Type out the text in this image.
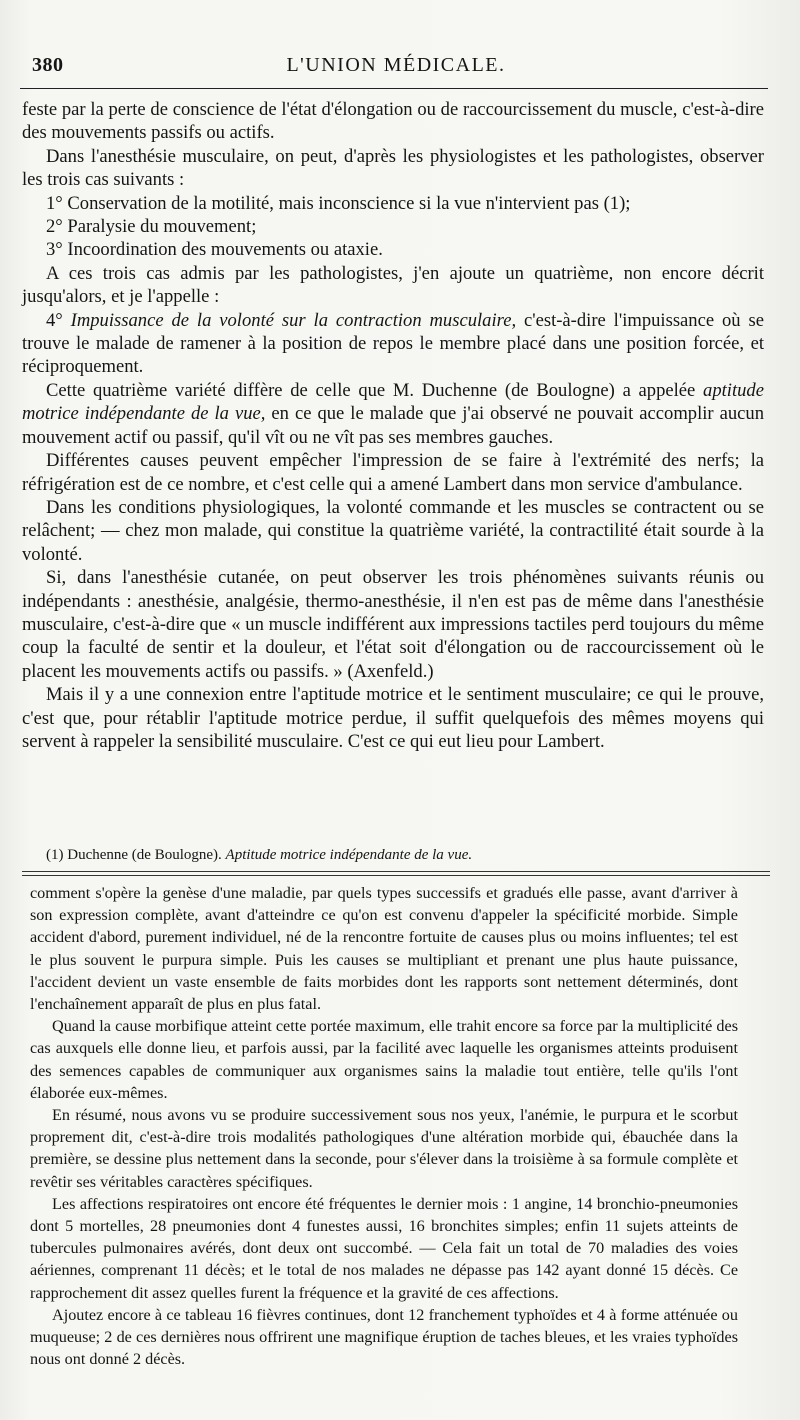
380	L'UNION MÉDICALE.

feste par la perte de conscience de l'état d'élongation ou de raccourcissement du muscle, c'est-à-dire des mouvements passifs ou actifs.

Dans l'anesthésie musculaire, on peut, d'après les physiologistes et les pathologistes, observer les trois cas suivants :

1° Conservation de la motilité, mais inconscience si la vue n'intervient pas (1);

2° Paralysie du mouvement;

3° Incoordination des mouvements ou ataxie.

A ces trois cas admis par les pathologistes, j'en ajoute un quatrième, non encore décrit jusqu'alors, et je l'appelle :

4° Impuissance de la volonté sur la contraction musculaire, c'est-à-dire l'impuissance où se trouve le malade de ramener à la position de repos le membre placé dans une position forcée, et réciproquement.

Cette quatrième variété diffère de celle que M. Duchenne (de Boulogne) a appelée aptitude motrice indépendante de la vue, en ce que le malade que j'ai observé ne pouvait accomplir aucun mouvement actif ou passif, qu'il vît ou ne vît pas ses membres gauches.

Différentes causes peuvent empêcher l'impression de se faire à l'extrémité des nerfs; la réfrigération est de ce nombre, et c'est celle qui a amené Lambert dans mon service d'ambulance.

Dans les conditions physiologiques, la volonté commande et les muscles se contractent ou se relâchent; — chez mon malade, qui constitue la quatrième variété, la contractilité était sourde à la volonté.

Si, dans l'anesthésie cutanée, on peut observer les trois phénomènes suivants réunis ou indépendants : anesthésie, analgésie, thermo-anesthésie, il n'en est pas de même dans l'anesthésie musculaire, c'est-à-dire que « un muscle indifférent aux impressions tactiles perd toujours du même coup la faculté de sentir et la douleur, et l'état soit d'élongation ou de raccourcissement où le placent les mouvements actifs ou passifs. » (Axenfeld.)

Mais il y a une connexion entre l'aptitude motrice et le sentiment musculaire; ce qui le prouve, c'est que, pour rétablir l'aptitude motrice perdue, il suffit quelquefois des mêmes moyens qui servent à rappeler la sensibilité musculaire. C'est ce qui eut lieu pour Lambert.

(1) Duchenne (de Boulogne). Aptitude motrice indépendante de la vue.

comment s'opère la genèse d'une maladie, par quels types successifs et gradués elle passe, avant d'arriver à son expression complète, avant d'atteindre ce qu'on est convenu d'appeler la spécificité morbide. Simple accident d'abord, purement individuel, né de la rencontre fortuite de causes plus ou moins influentes; tel est le plus souvent le purpura simple. Puis les causes se multipliant et prenant une plus haute puissance, l'accident devient un vaste ensemble de faits morbides dont les rapports sont nettement déterminés, dont l'enchaînement apparaît de plus en plus fatal.

Quand la cause morbifique atteint cette portée maximum, elle trahit encore sa force par la multiplicité des cas auxquels elle donne lieu, et parfois aussi, par la facilité avec laquelle les organismes atteints produisent des semences capables de communiquer aux organismes sains la maladie tout entière, telle qu'ils l'ont élaborée eux-mêmes.

En résumé, nous avons vu se produire successivement sous nos yeux, l'anémie, le purpura et le scorbut proprement dit, c'est-à-dire trois modalités pathologiques d'une altération morbide qui, ébauchée dans la première, se dessine plus nettement dans la seconde, pour s'élever dans la troisième à sa formule complète et revêtir ses véritables caractères spécifiques.

Les affections respiratoires ont encore été fréquentes le dernier mois : 1 angine, 14 bronchio-pneumonies dont 5 mortelles, 28 pneumonies dont 4 funestes aussi, 16 bronchites simples; enfin 11 sujets atteints de tubercules pulmonaires avérés, dont deux ont succombé. — Cela fait un total de 70 maladies des voies aériennes, comprenant 11 décès; et le total de nos malades ne dépasse pas 142 ayant donné 15 décès. Ce rapprochement dit assez quelles furent la fréquence et la gravité de ces affections.

Ajoutez encore à ce tableau 16 fièvres continues, dont 12 franchement typhoïdes et 4 à forme atténuée ou muqueuse; 2 de ces dernières nous offrirent une magnifique éruption de taches bleues, et les vraies typhoïdes nous ont donné 2 décès.
